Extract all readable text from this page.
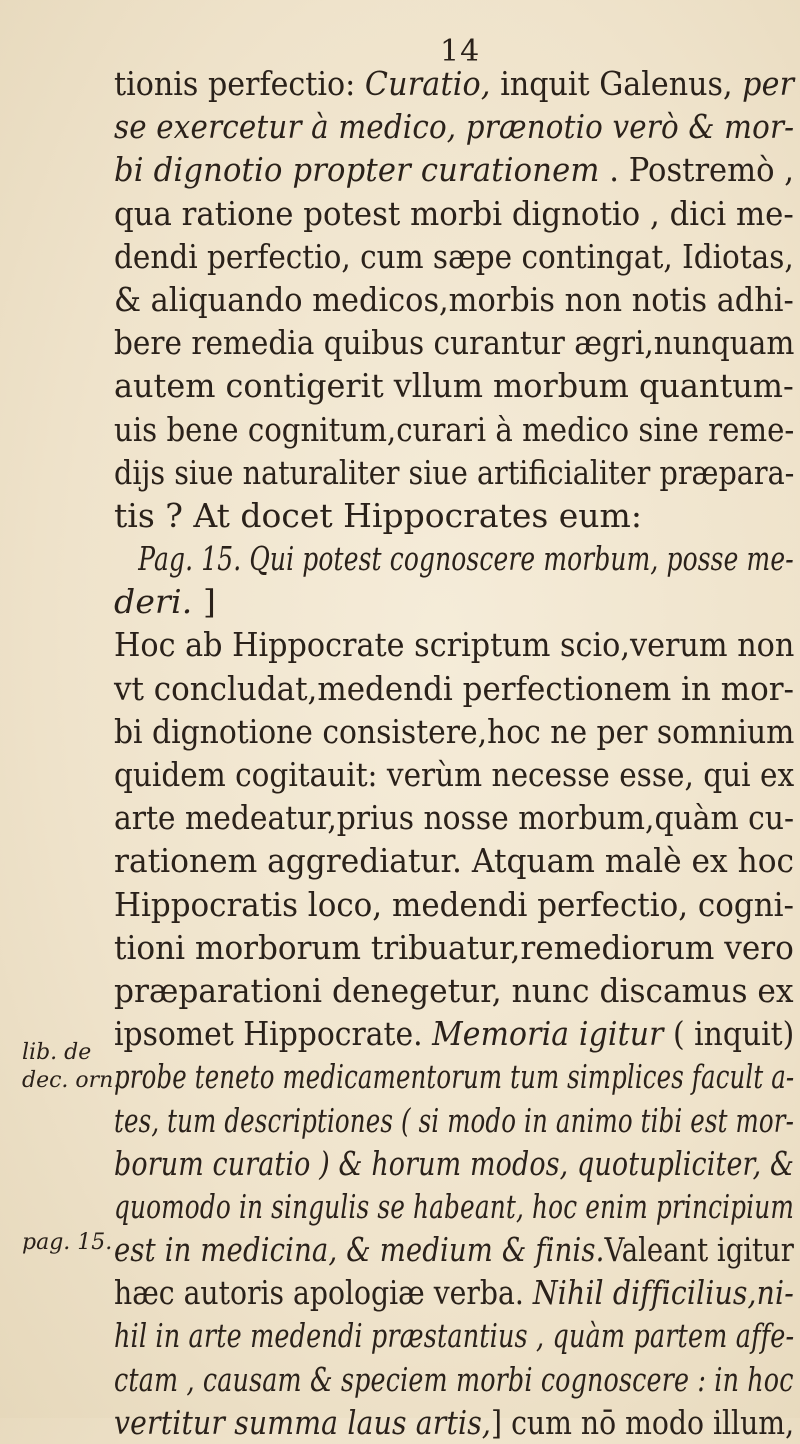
14
tionis perfectio: Curatio, inquit Galenus, per
se exercetur à medico, prænotio verò & mor-
bi dignotio propter curationem . Postremò ,
qua ratione potest morbi dignotio , dici me-
dendi perfectio, cum sæpe contingat, Idiotas,
& aliquando medicos,morbis non notis adhi-
bere remedia quibus curantur ægri,nunquam
autem contigerit vllum morbum quantum-
uis bene cognitum,curari à medico sine reme-
dijs siue naturaliter siue artificialiter præpara-
tis ? At docet Hippocrates eum:
Pag. 15. Qui potest cognoscere morbum, posse me-
deri. ]
Hoc ab Hippocrate scriptum scio,verum non
vt concludat,medendi perfectionem in mor-
bi dignotione consistere,hoc ne per somnium
quidem cogitauit: verùm necesse esse, qui ex
arte medeatur,prius nosse morbum,quàm cu-
rationem aggrediatur. Atquam malè ex hoc
Hippocratis loco, medendi perfectio, cogni-
tioni morborum tribuatur,remediorum vero
præparationi denegetur, nunc discamus ex
ipsomet Hippocrate. Memoria igitur ( inquit)
probe teneto medicamentorum tum simplices facult a-
tes, tum descriptiones ( si modo in animo tibi est mor-
borum curatio ) & horum modos, quotupliciter, &
quomodo in singulis se habeant, hoc enim principium
est in medicina, & medium & finis.Valeant igitur
hæc autoris apologiæ verba. Nihil difficilius,ni-
hil in arte medendi præstantius , quàm partem affe-
ctam , causam & speciem morbi cognoscere : in hoc
vertitur summa laus artis,] cum nō modo illum,
lib. de
dec. orn.
pag. 15.
